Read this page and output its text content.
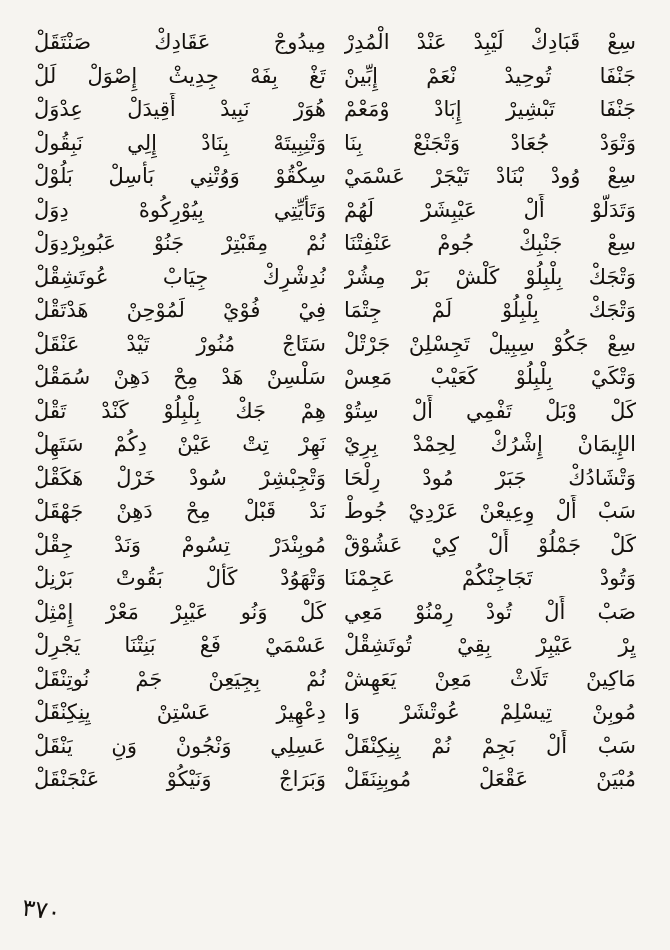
سِعْ قَبَادِكْ لَيْبِدْ عَنْدْ الْمُدِرْ
جَنْفَا تُوحِيدْ نْعَمْ إِبِّينْ
جَنْفَا تَبْشِيرْ إِبَادْ وْمَعْمْ
وَتْوَدْ جُعَادْ وَتْجَنْعْ بِنَا
سِعْ وُودْ بْنَادْ تَيْجَرْ عَسْمَيْ
وَتَدَلَّوْ أَلْ عَيْبِشَرْ لَهُمْ
سِعْ جَنْبِكْ جُومْ عَنْفِتْنَا
وَتْجَكْ بِلْبِلُوْ كَلْشْ بَرْ مِشُرْ
وَتْجَكْ بِلْبِلُوْ لَمْ جِتْمَا
سِعْ جَكُوْ سِبِيلْ تَجِسْلِنْ جَرْتْلْ
وَتْكَيْ بِلْبِلُوْ كَعَيْبْ مَعِسْ
كَلْ وْبَلْ تَفْمِي أَلْ سِتُوْ
الإِيمَانْ إِشْرُكْ لِحِمْدْ بِرِيْ
وَتْشَادُكْ جَبَرْ مُودْ رِلْحَا
سَبْ أَلْ وِعِيعْنْ عَرْدِيْ جُوطْ
كَلْ جَمْلُوْ أَلْ كِيْ عَشُوْقْ
وَتُودْ تَجَاجِنْكُمْ عَجِمْنَا
صَبْ أَلْ تُودْ رِمْنُوْ مَعِي
يِرْ عَيْبِرْ بِقِيْ تُوتَشِقْلْ
مَاكِينْ تَلَاثْ مَعِنْ يَعَهِشْ
مُوبِنْ تِيسْلِمْ عُوتْشَرْ وَا
سَبْ أَلْ بَجِمْ نُمْ بِنِكِنْقَلْ
مُبْيَنْ عَقْعَلْ مُوبِنِنَقَلْ
مِيدُوجْ عَقَادِكْ صَنْتَقَلْ
تَغْ بِفَهْ جِدِيثْ إِصْوَلْ لَلْ
هُوَرْ نَبِيدْ أَقِيدَلْ عِدْوَلْ
وَتْنِبِيتَهْ بِنَادْ إِلِي نَبِقُولْ
سِكْقُوْ وَوُتْنِي بَأَسِلْ بَلُوْلْ
وَتَأَيِّتِي بِيُوْرِكُوهْ دِوَلْ
نُمْ مِقَبْتِرْ جَنُوْ عَبُوبِرْدِوَلْ
نُدِشْرِكْ جِيَابْ عُوتَشِقْلْ
فِيْ فُوْيْ لَمُوْحِنْ هَدْتَقْلْ
سَتَاجْ مُنُورْ تَيْدْ عَنْقَلْ
سَلْسِنْ هَدْ مِحْ دَهِنْ سُمَقْلْ
هِمْ جَكْ بِلْبِلُوْ كَنْدْ تَقْلْ
نَهِرْ تِتْ عَيْنْ دِكُمْ سَتَهِلْ
وَتْجِبْشِرْ سُودْ خَرْلْ هَكَقْلْ
نَدْ قَبْلْ مِحْ دَهِنْ جَهْقَلْ
مُوبِنْدَرْ تِسُومْ وَنَدْ جِقْلْ
وَتْهَوُدْ كَأَلْ بَقُوتْ بَرْنِلْ
كَلْ وَنُو عَيْبِرْ مَعْرْ إِمْثِلْ
عَسْمَيْ فَعْ بَنِتْنَا يَجْرِلْ
نُمْ بِجِيَعِنْ جَمْ نُوتِنْقَلْ
دِعْهِيرْ عَسْتِنْ يِنِكِنْقَلْ
عَسِلِي وَنْجُونْ وَنِ يَنْقَلْ
وَبَرَاجْ وَنَيْكُوْ عَنْجَنْقَلْ
٣٧٠
